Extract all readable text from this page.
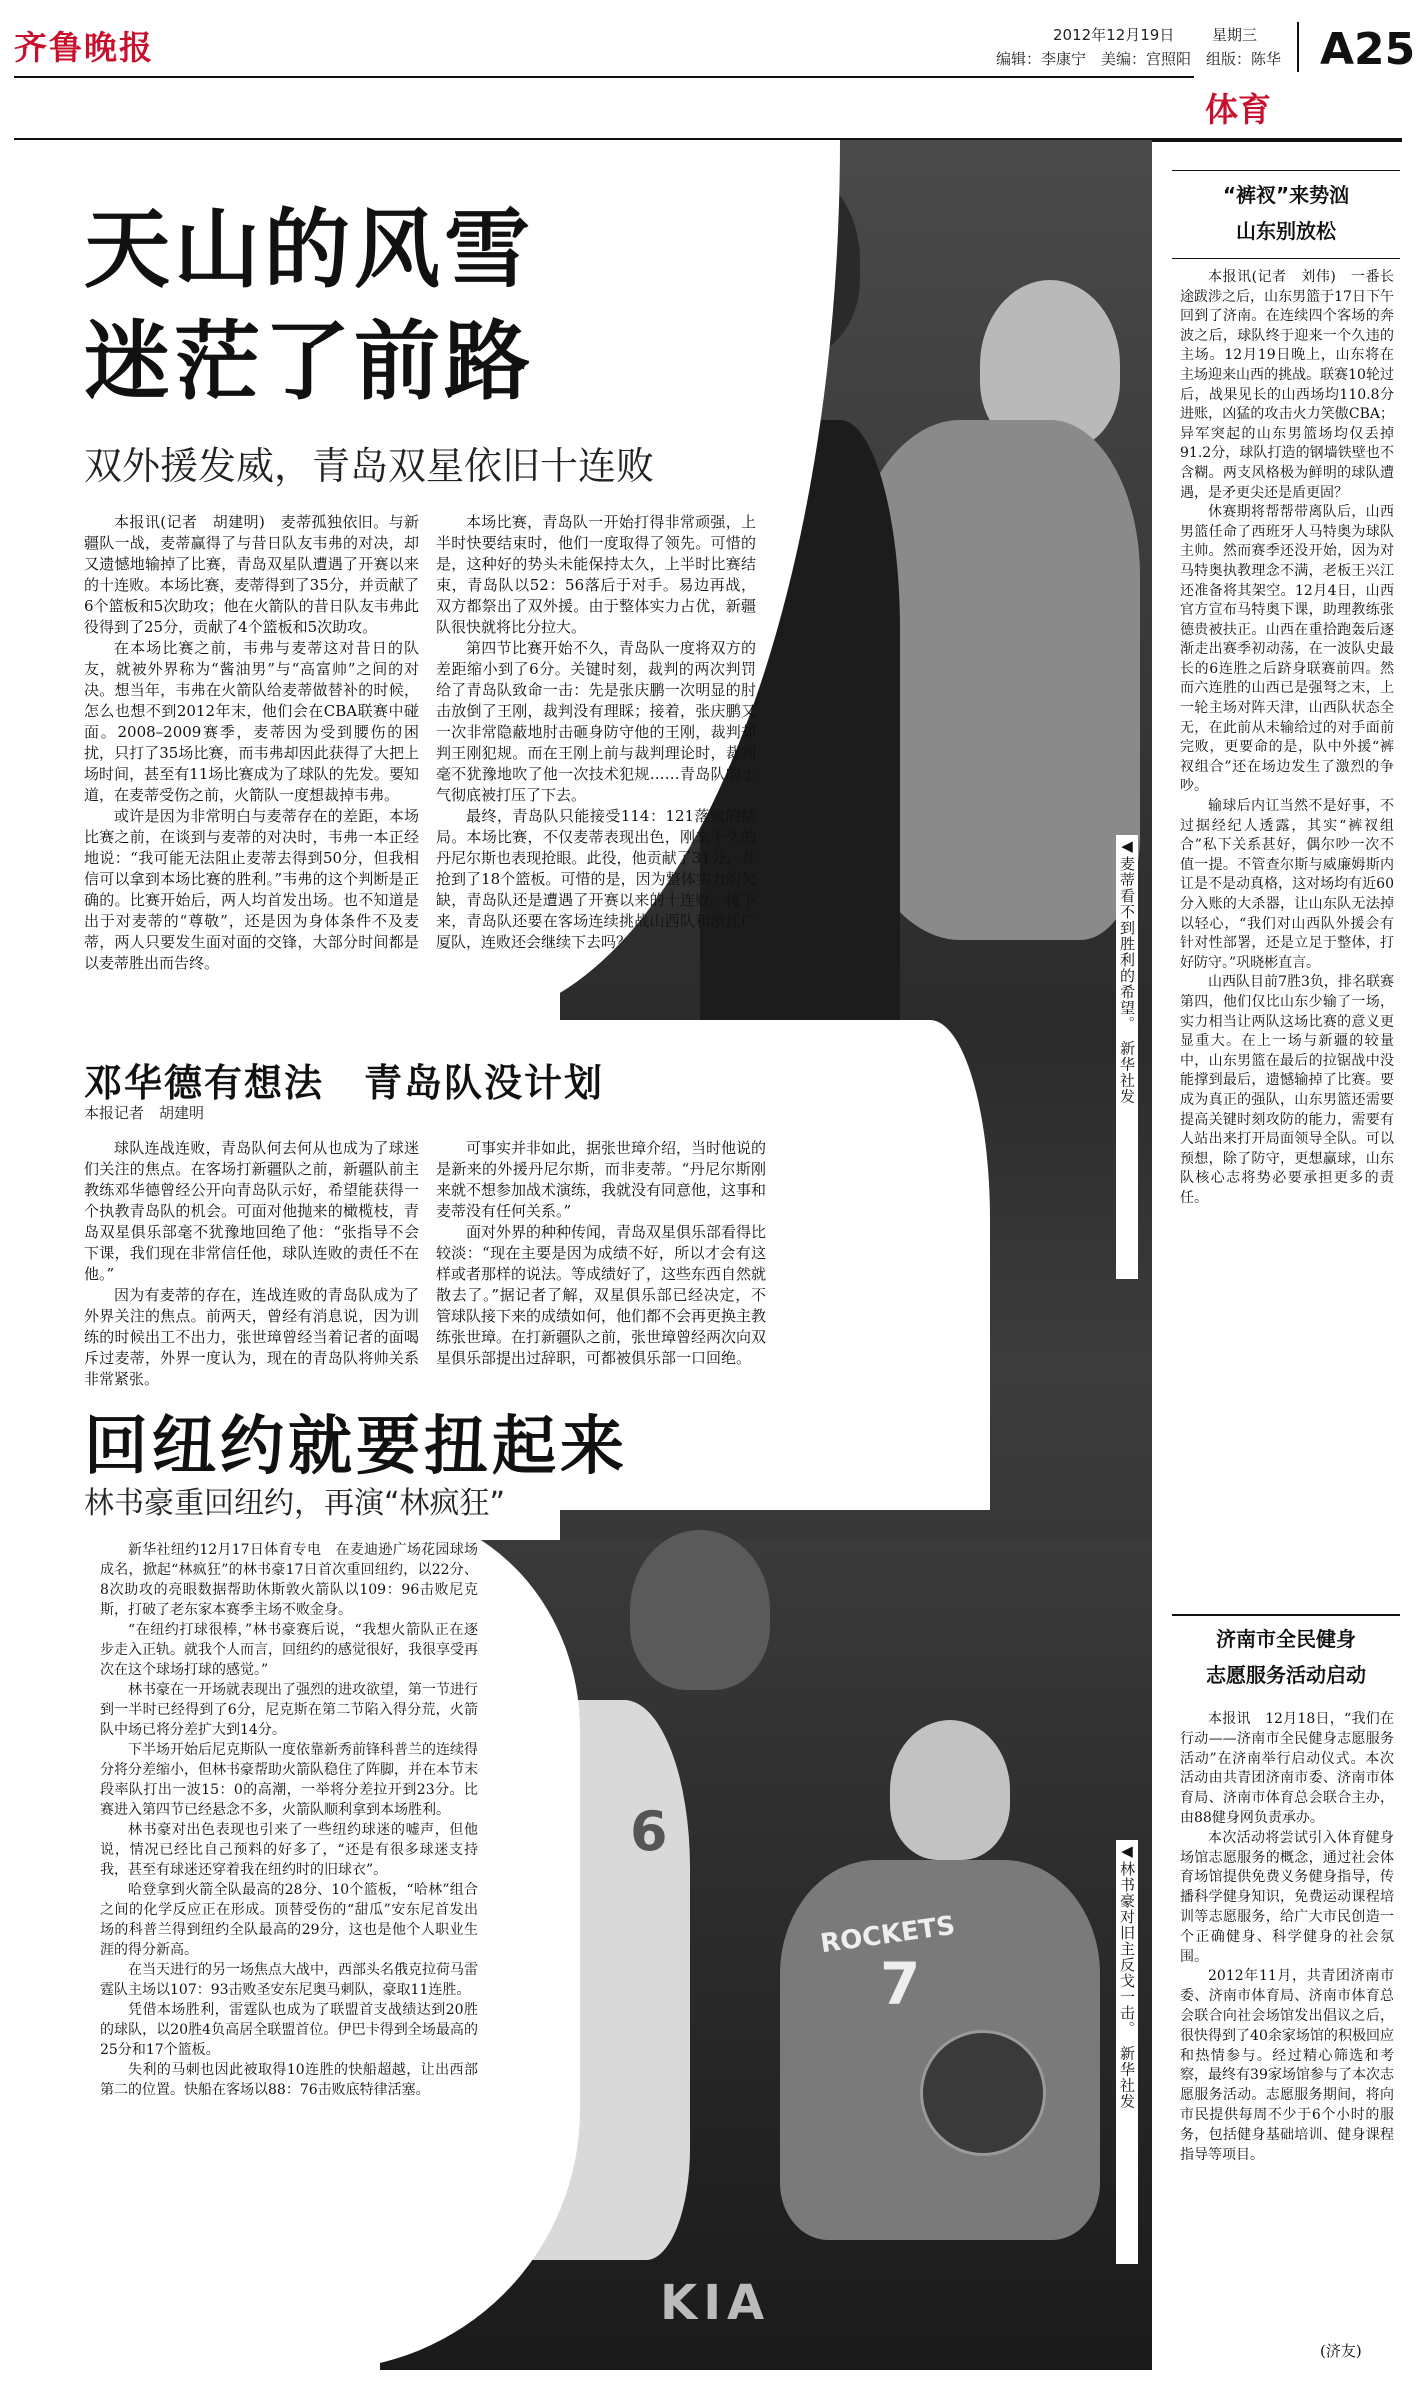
齐鲁晚报	2012年12月19日	星期三
编辑：李康宁　美编：宫照阳　组版：陈华 A25
体育
ROCKETS
7
6
KIA
天山的风雪
迷茫了前路
双外援发威，青岛双星依旧十连败

本报讯(记者　胡建明)　麦蒂孤独依旧。与新疆队一战，麦蒂赢得了与昔日队友韦弗的对决，却又遗憾地输掉了比赛，青岛双星队遭遇了开赛以来的十连败。本场比赛，麦蒂得到了35分，并贡献了6个篮板和5次助攻；他在火箭队的昔日队友韦弗此役得到了25分，贡献了4个篮板和5次助攻。

在本场比赛之前，韦弗与麦蒂这对昔日的队友，就被外界称为“酱油男”与“高富帅”之间的对决。想当年，韦弗在火箭队给麦蒂做替补的时候，怎么也想不到2012年末，他们会在CBA联赛中碰面。2008–2009赛季，麦蒂因为受到腰伤的困扰，只打了35场比赛，而韦弗却因此获得了大把上场时间，甚至有11场比赛成为了球队的先发。要知道，在麦蒂受伤之前，火箭队一度想裁掉韦弗。

或许是因为非常明白与麦蒂存在的差距，本场比赛之前，在谈到与麦蒂的对决时，韦弗一本正经地说：“我可能无法阻止麦蒂去得到50分，但我相信可以拿到本场比赛的胜利。”韦弗的这个判断是正确的。比赛开始后，两人均首发出场。也不知道是出于对麦蒂的“尊敬”，还是因为身体条件不及麦蒂，两人只要发生面对面的交锋，大部分时间都是以麦蒂胜出而告终。

本场比赛，青岛队一开始打得非常顽强，上半时快要结束时，他们一度取得了领先。可惜的是，这种好的势头未能保持太久，上半时比赛结束，青岛队以52：56落后于对手。易边再战，双方都祭出了双外援。由于整体实力占优，新疆队很快就将比分拉大。

第四节比赛开始不久，青岛队一度将双方的差距缩小到了6分。关键时刻，裁判的两次判罚给了青岛队致命一击：先是张庆鹏一次明显的肘击放倒了王刚，裁判没有理睬；接着，张庆鹏又一次非常隐蔽地肘击砸身防守他的王刚，裁判却判王刚犯规。而在王刚上前与裁判理论时，裁判毫不犹豫地吹了他一次技术犯规……青岛队的士气彻底被打压了下去。

最终，青岛队只能接受114：121落败的结局。本场比赛，不仅麦蒂表现出色，刚来不久的丹尼尔斯也表现抢眼。此役，他贡献了31分，并抢到了18个篮板。可惜的是，因为整体实力的欠缺，青岛队还是遭遇了开赛以来的十连败。接下来，青岛队还要在客场连续挑战山西队和浙江广厦队，连败还会继续下去吗？	◀麦蒂看不到胜利的希望。　新华社发
邓华德有想法　青岛队没计划
本报记者　胡建明

球队连战连败，青岛队何去何从也成为了球迷们关注的焦点。在客场打新疆队之前，新疆队前主教练邓华德曾经公开向青岛队示好，希望能获得一个执教青岛队的机会。可面对他抛来的橄榄枝，青岛双星俱乐部毫不犹豫地回绝了他：“张指导不会下课，我们现在非常信任他，球队连败的责任不在他。”

因为有麦蒂的存在，连战连败的青岛队成为了外界关注的焦点。前两天，曾经有消息说，因为训练的时候出工不出力，张世璋曾经当着记者的面喝斥过麦蒂，外界一度认为，现在的青岛队将帅关系非常紧张。

可事实并非如此，据张世璋介绍，当时他说的是新来的外援丹尼尔斯，而非麦蒂。“丹尼尔斯刚来就不想参加战术演练，我就没有同意他，这事和麦蒂没有任何关系。”

面对外界的种种传闻，青岛双星俱乐部看得比较淡：“现在主要是因为成绩不好，所以才会有这样或者那样的说法。等成绩好了，这些东西自然就散去了。”据记者了解，双星俱乐部已经决定，不管球队接下来的成绩如何，他们都不会再更换主教练张世璋。在打新疆队之前，张世璋曾经两次向双星俱乐部提出过辞职，可都被俱乐部一口回绝。

回纽约就要扭起来
林书豪重回纽约，再演“林疯狂”

新华社纽约12月17日体育专电　在麦迪逊广场花园球场成名，掀起“林疯狂”的林书豪17日首次重回纽约，以22分、8次助攻的亮眼数据帮助休斯敦火箭队以109：96击败尼克斯，打破了老东家本赛季主场不败金身。

“在纽约打球很棒，”林书豪赛后说，“我想火箭队正在逐步走入正轨。就我个人而言，回纽约的感觉很好，我很享受再次在这个球场打球的感觉。”

林书豪在一开场就表现出了强烈的进攻欲望，第一节进行到一半时已经得到了6分，尼克斯在第二节陷入得分荒，火箭队中场已将分差扩大到14分。

下半场开始后尼克斯队一度依靠新秀前锋科普兰的连续得分将分差缩小，但林书豪帮助火箭队稳住了阵脚，并在本节末段率队打出一波15：0的高潮，一举将分差拉开到23分。比赛进入第四节已经悬念不多，火箭队顺利拿到本场胜利。

林书豪对出色表现也引来了一些纽约球迷的嘘声，但他说，情况已经比自己预料的好多了，“还是有很多球迷支持我，甚至有球迷还穿着我在纽约时的旧球衣”。

哈登拿到火箭全队最高的28分、10个篮板，“哈林”组合之间的化学反应正在形成。顶替受伤的“甜瓜”安东尼首发出场的科普兰得到纽约全队最高的29分，这也是他个人职业生涯的得分新高。

在当天进行的另一场焦点大战中，西部头名俄克拉荷马雷霆队主场以107：93击败圣安东尼奥马刺队，豪取11连胜。

凭借本场胜利，雷霆队也成为了联盟首支战绩达到20胜的球队，以20胜4负高居全联盟首位。伊巴卡得到全场最高的25分和17个篮板。

失利的马刺也因此被取得10连胜的快船超越，让出西部第二的位置。快船在客场以88：76击败底特律活塞。	◀林书豪对旧主反戈一击。　新华社发
“裤衩”来势汹
山东别放松

本报讯(记者　刘伟)　一番长途跋涉之后，山东男篮于17日下午回到了济南。在连续四个客场的奔波之后，球队终于迎来一个久违的主场。12月19日晚上，山东将在主场迎来山西的挑战。联赛10轮过后，战果见长的山西场均110.8分进账，凶猛的攻击火力笑傲CBA；异军突起的山东男篮场均仅丢掉91.2分，球队打造的钢墙铁壁也不含糊。两支风格极为鲜明的球队遭遇，是矛更尖还是盾更固？

休赛期将帮帮带离队后，山西男篮任命了西班牙人马特奥为球队主帅。然而赛季还没开始，因为对马特奥执教理念不满，老板王兴江还准备将其架空。12月4日，山西官方宣布马特奥下课，助理教练张德贵被扶正。山西在重拾跑轰后逐渐走出赛季初动荡，在一波队史最长的6连胜之后跻身联赛前四。然而六连胜的山西已是强弩之末，上一轮主场对阵天津，山西队状态全无，在此前从未输给过的对手面前完败，更要命的是，队中外援“裤衩组合”还在场边发生了激烈的争吵。

输球后内讧当然不是好事，不过据经纪人透露，其实“裤衩组合”私下关系甚好，偶尔吵一次不值一提。不管查尔斯与威廉姆斯内讧是不是动真格，这对场均有近60分入账的大杀器，让山东队无法掉以轻心，“我们对山西队外援会有针对性部署，还是立足于整体，打好防守。”巩晓彬直言。

山西队目前7胜3负，排名联赛第四，他们仅比山东少输了一场，实力相当让两队这场比赛的意义更显重大。在上一场与新疆的较量中，山东男篮在最后的拉锯战中没能撑到最后，遗憾输掉了比赛。要成为真正的强队，山东男篮还需要提高关键时刻攻防的能力，需要有人站出来打开局面领导全队。可以预想，除了防守，更想赢球，山东队核心志将势必要承担更多的责任。

济南市全民健身
志愿服务活动启动

本报讯　12月18日，“我们在行动——济南市全民健身志愿服务活动”在济南举行启动仪式。本次活动由共青团济南市委、济南市体育局、济南市体育总会联合主办，由88健身网负责承办。

本次活动将尝试引入体育健身场馆志愿服务的概念，通过社会体育场馆提供免费义务健身指导，传播科学健身知识，免费运动课程培训等志愿服务，给广大市民创造一个正确健身、科学健身的社会氛围。

2012年11月，共青团济南市委、济南市体育局、济南市体育总会联合向社会场馆发出倡议之后，很快得到了40余家场馆的积极回应和热情参与。经过精心筛选和考察，最终有39家场馆参与了本次志愿服务活动。志愿服务期间，将向市民提供每周不少于6个小时的服务，包括健身基础培训、健身课程指导等项目。

(济友)
